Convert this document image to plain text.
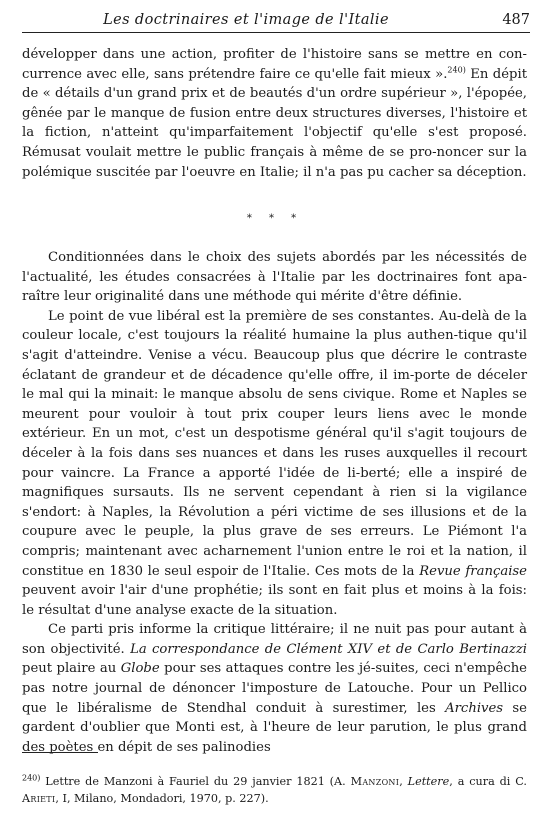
Les doctrinaires et l'image de l'Italie	487

développer dans une action, profiter de l'histoire sans se mettre en con-currence avec elle, sans prétendre faire ce qu'elle fait mieux ».$^{240)}$ En dépit de « détails d'un grand prix et de beautés d'un ordre supérieur », l'épopée, gênée par le manque de fusion entre deux structures diverses, l'histoire et la fiction, n'atteint qu'imparfaitement l'objectif qu'elle s'est proposé. Rémusat voulait mettre le public français à même de se pro-noncer sur la polémique suscitée par l'oeuvre en Italie; il n'a pas pu cacher sa déception.

* * *

Conditionnées dans le choix des sujets abordés par les nécessités de l'actualité, les études consacrées à l'Italie par les doctrinaires font apa-raître leur originalité dans une méthode qui mérite d'être définie.

Le point de vue libéral est la première de ses constantes. Au-delà de la couleur locale, c'est toujours la réalité humaine la plus authen-tique qu'il s'agit d'atteindre. Venise a vécu. Beaucoup plus que décrire le contraste éclatant de grandeur et de décadence qu'elle offre, il im-porte de déceler le mal qui la minait: le manque absolu de sens civique. Rome et Naples se meurent pour vouloir à tout prix couper leurs liens avec le monde extérieur. En un mot, c'est un despotisme général qu'il s'agit toujours de déceler à la fois dans ses nuances et dans les ruses auxquelles il recourt pour vaincre. La France a apporté l'idée de li-berté; elle a inspiré de magnifiques sursauts. Ils ne servent cependant à rien si la vigilance s'endort: à Naples, la Révolution a péri victime de ses illusions et de la coupure avec le peuple, la plus grave de ses erreurs. Le Piémont l'a compris; maintenant avec acharnement l'union entre le roi et la nation, il constitue en 1830 le seul espoir de l'Italie. Ces mots de la Revue française peuvent avoir l'air d'une prophétie; ils sont en fait plus et moins à la fois: le résultat d'une analyse exacte de la situation.

Ce parti pris informe la critique littéraire; il ne nuit pas pour autant à son objectivité. La correspondance de Clément XIV et de Carlo Bertinazzi peut plaire au Globe pour ses attaques contre les jé-suites, ceci n'empêche pas notre journal de dénoncer l'imposture de Latouche. Pour un Pellico que le libéralisme de Stendhal conduit à surestimer, les Archives se gardent d'oublier que Monti est, à l'heure de leur parution, le plus grand des poètes en dépit de ses palinodies

$^{240)}$ Lettre de Manzoni à Fauriel du 29 janvier 1821 (A. Manzoni, Lettere, a cura di C. Arieti, I, Milano, Mondadori, 1970, p. 227).
